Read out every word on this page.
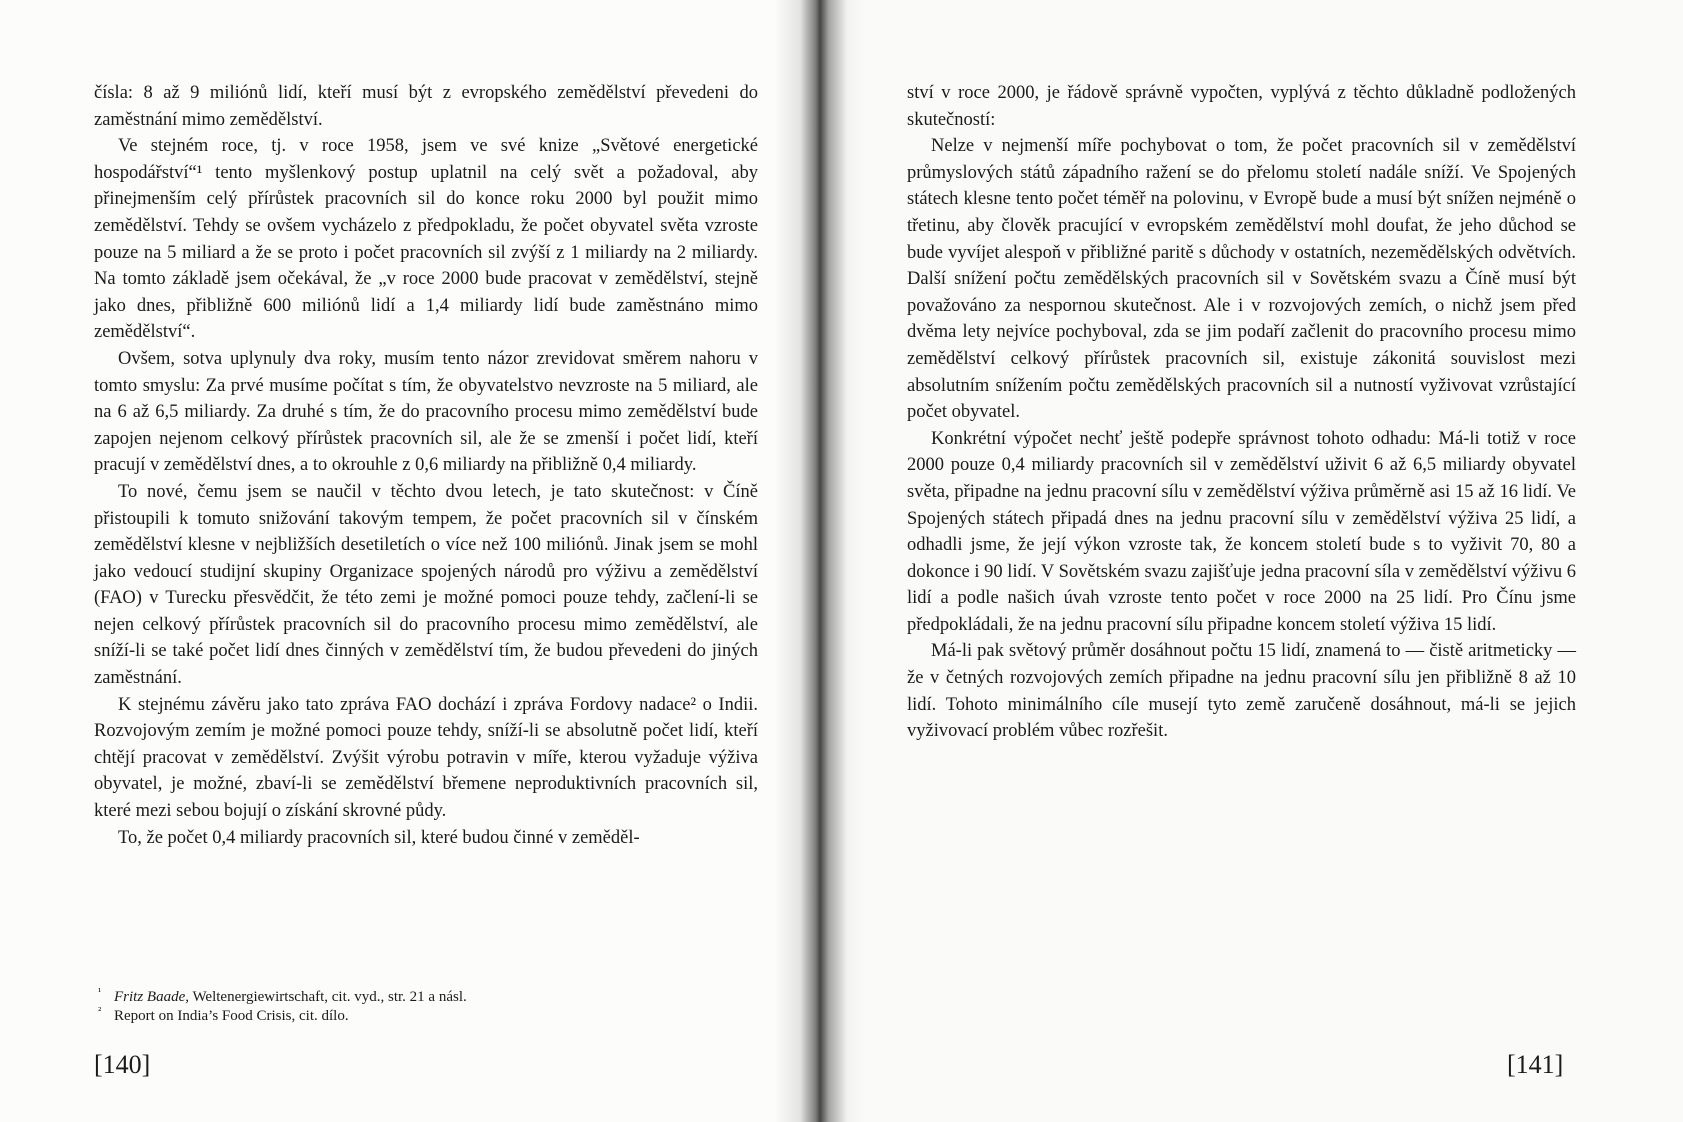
čísla: 8 až 9 miliónů lidí, kteří musí být z evropského zemědělství převedeni do zaměstnání mimo zemědělství.

Ve stejném roce, tj. v roce 1958, jsem ve své knize „Světové energetické hospodářství“¹ tento myšlenkový postup uplatnil na celý svět a požadoval, aby přinejmenším celý přírůstek pracovních sil do konce roku 2000 byl použit mimo zemědělství. Tehdy se ovšem vycházelo z předpokladu, že počet obyvatel světa vzroste pouze na 5 miliard a že se proto i počet pracovních sil zvýší z 1 miliardy na 2 miliardy. Na tomto základě jsem očekával, že „v roce 2000 bude pracovat v zemědělství, stejně jako dnes, přibližně 600 miliónů lidí a 1,4 miliardy lidí bude zaměstnáno mimo zemědělství“.

Ovšem, sotva uplynuly dva roky, musím tento názor zrevidovat směrem nahoru v tomto smyslu: Za prvé musíme počítat s tím, že obyvatelstvo nevzroste na 5 miliard, ale na 6 až 6,5 miliardy. Za druhé s tím, že do pracovního procesu mimo zemědělství bude zapojen nejenom celkový přírůstek pracovních sil, ale že se zmenší i počet lidí, kteří pracují v zemědělství dnes, a to okrouhle z 0,6 miliardy na přibližně 0,4 miliardy.

To nové, čemu jsem se naučil v těchto dvou letech, je tato skutečnost: v Číně přistoupili k tomuto snižování takovým tempem, že počet pracovních sil v čínském zemědělství klesne v nejbližších desetiletích o více než 100 miliónů. Jinak jsem se mohl jako vedoucí studijní skupiny Organizace spojených národů pro výživu a zemědělství (FAO) v Turecku přesvědčit, že této zemi je možné pomoci pouze tehdy, začlení-li se nejen celkový přírůstek pracovních sil do pracovního procesu mimo zemědělství, ale sníží-li se také počet lidí dnes činných v zemědělství tím, že budou převedeni do jiných zaměstnání.

K stejnému závěru jako tato zpráva FAO dochází i zpráva Fordovy nadace² o Indii. Rozvojovým zemím je možné pomoci pouze tehdy, sníží-li se absolutně počet lidí, kteří chtějí pracovat v zemědělství. Zvýšit výrobu potravin v míře, kterou vyžaduje výživa obyvatel, je možné, zbaví-li se zemědělství břemene neproduktivních pracovních sil, které mezi sebou bojují o získání skrovné půdy.

To, že počet 0,4 miliardy pracovních sil, které budou činné v zeměděl-

¹ Fritz Baade, Weltenergiewirtschaft, cit. vyd., str. 21 a násl.
² Report on India’s Food Crisis, cit. dílo.
[140]

ství v roce 2000, je řádově správně vypočten, vyplývá z těchto důkladně podložených skutečností:

Nelze v nejmenší míře pochybovat o tom, že počet pracovních sil v zemědělství průmyslových států západního ražení se do přelomu století nadále sníží. Ve Spojených státech klesne tento počet téměř na polovinu, v Evropě bude a musí být snížen nejméně o třetinu, aby člověk pracující v evropském zemědělství mohl doufat, že jeho důchod se bude vyvíjet alespoň v přibližné paritě s důchody v ostatních, nezemědělských odvětvích. Další snížení počtu zemědělských pracovních sil v Sovětském svazu a Číně musí být považováno za nespornou skutečnost. Ale i v rozvojových zemích, o nichž jsem před dvěma lety nejvíce pochyboval, zda se jim podaří začlenit do pracovního procesu mimo zemědělství celkový přírůstek pracovních sil, existuje zákonitá souvislost mezi absolutním snížením počtu zemědělských pracovních sil a nutností vyživovat vzrůstající počet obyvatel.

Konkrétní výpočet nechť ještě podepře správnost tohoto odhadu: Má-li totiž v roce 2000 pouze 0,4 miliardy pracovních sil v zemědělství uživit 6 až 6,5 miliardy obyvatel světa, připadne na jednu pracovní sílu v zemědělství výživa průměrně asi 15 až 16 lidí. Ve Spojených státech připadá dnes na jednu pracovní sílu v zemědělství výživa 25 lidí, a odhadli jsme, že její výkon vzroste tak, že koncem století bude s to vyživit 70, 80 a dokonce i 90 lidí. V Sovětském svazu zajišťuje jedna pracovní síla v zemědělství výživu 6 lidí a podle našich úvah vzroste tento počet v roce 2000 na 25 lidí. Pro Čínu jsme předpokládali, že na jednu pracovní sílu připadne koncem století výživa 15 lidí.

Má-li pak světový průměr dosáhnout počtu 15 lidí, znamená to — čistě aritmeticky — že v četných rozvojových zemích připadne na jednu pracovní sílu jen přibližně 8 až 10 lidí. Tohoto minimálního cíle musejí tyto země zaručeně dosáhnout, má-li se jejich vyživovací problém vůbec rozřešit.

[141]
